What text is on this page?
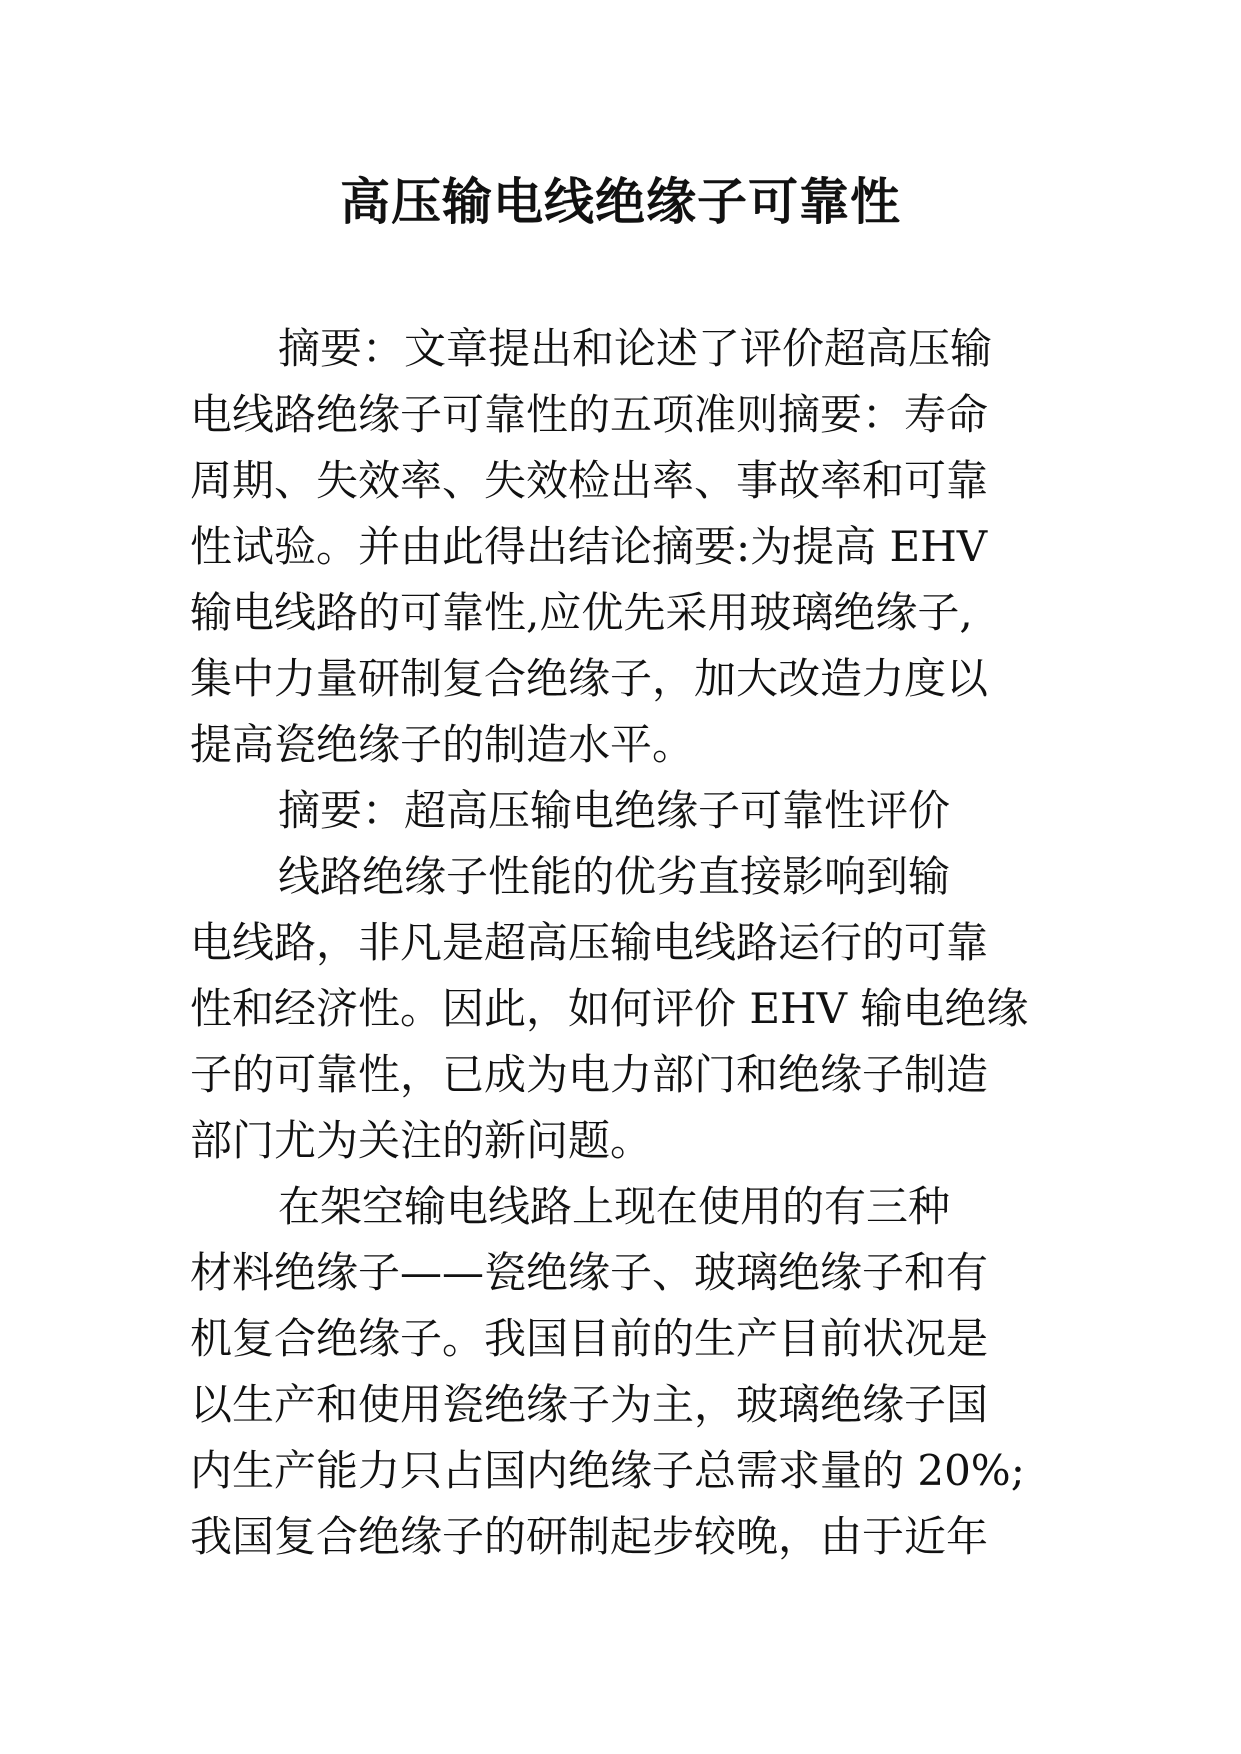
高压输电线绝缘子可靠性
摘要：文章提出和论述了评价超高压输
电线路绝缘子可靠性的五项准则摘要：寿命
周期、失效率、失效检出率、事故率和可靠
性试验。并由此得出结论摘要:为提高 EHV
输电线路的可靠性,应优先采用玻璃绝缘子,
集中力量研制复合绝缘子，加大改造力度以
提高瓷绝缘子的制造水平。
摘要：超高压输电绝缘子可靠性评价
线路绝缘子性能的优劣直接影响到输
电线路，非凡是超高压输电线路运行的可靠
性和经济性。因此，如何评价 EHV 输电绝缘
子的可靠性，已成为电力部门和绝缘子制造
部门尤为关注的新问题。
在架空输电线路上现在使用的有三种
材料绝缘子——瓷绝缘子、玻璃绝缘子和有
机复合绝缘子。我国目前的生产目前状况是
以生产和使用瓷绝缘子为主，玻璃绝缘子国
内生产能力只占国内绝缘子总需求量的 20%;
我国复合绝缘子的研制起步较晚，由于近年
